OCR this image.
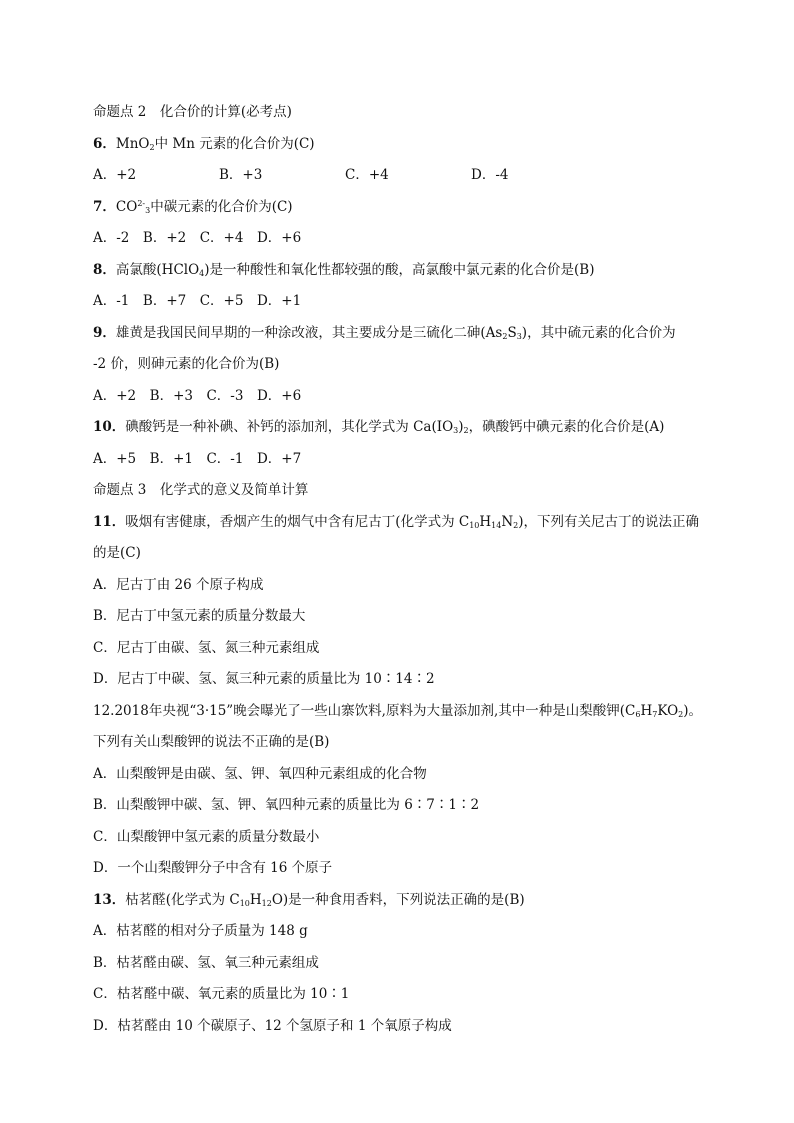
命题点 2　化合价的计算(必考点)
6．MnO$_2$中 Mn 元素的化合价为(C)
A．+2	B．+3	C．+4	D．-4
7．$CO^{2-}_3$中碳元素的化合价为(C)
A．-2　B．+2　C．+4　D．+6
8．高氯酸(HClO$_4$)是一种酸性和氧化性都较强的酸，高氯酸中氯元素的化合价是(B)
A．-1　B．+7　C．+5　D．+1
9．雄黄是我国民间早期的一种涂改液，其主要成分是三硫化二砷$(As_2S_3)$，其中硫元素的化合价为
-2 价，则砷元素的化合价为(B)
A．+2　B．+3　C．-3　D．+6
10．碘酸钙是一种补碘、补钙的添加剂，其化学式为 $Ca(IO_3)_2$，碘酸钙中碘元素的化合价是(A)
A．+5　B．+1　C．-1　D．+7
命题点 3　化学式的意义及简单计算
11．吸烟有害健康，香烟产生的烟气中含有尼古丁(化学式为 $C_{10}H_{14}N_2$)，下列有关尼古丁的说法正确
的是(C)
A．尼古丁由 26 个原子构成
B．尼古丁中氢元素的质量分数最大
C．尼古丁由碳、氢、氮三种元素组成
D．尼古丁中碳、氢、氮三种元素的质量比为 10∶14∶2
12.2018年央视“3·15”晚会曝光了一些山寨饮料,原料为大量添加剂,其中一种是山梨酸钾$(C_6H_7KO_2)$。
下列有关山梨酸钾的说法不正确的是(B)
A．山梨酸钾是由碳、氢、钾、氧四种元素组成的化合物
B．山梨酸钾中碳、氢、钾、氧四种元素的质量比为 6∶7∶1∶2
C．山梨酸钾中氢元素的质量分数最小
D．一个山梨酸钾分子中含有 16 个原子
13．枯茗醛(化学式为 $C_{10}H_{12}O$)是一种食用香料，下列说法正确的是(B)
A．枯茗醛的相对分子质量为 148 g
B．枯茗醛由碳、氢、氧三种元素组成
C．枯茗醛中碳、氧元素的质量比为 10∶1
D．枯茗醛由 10 个碳原子、12 个氢原子和 1 个氧原子构成
